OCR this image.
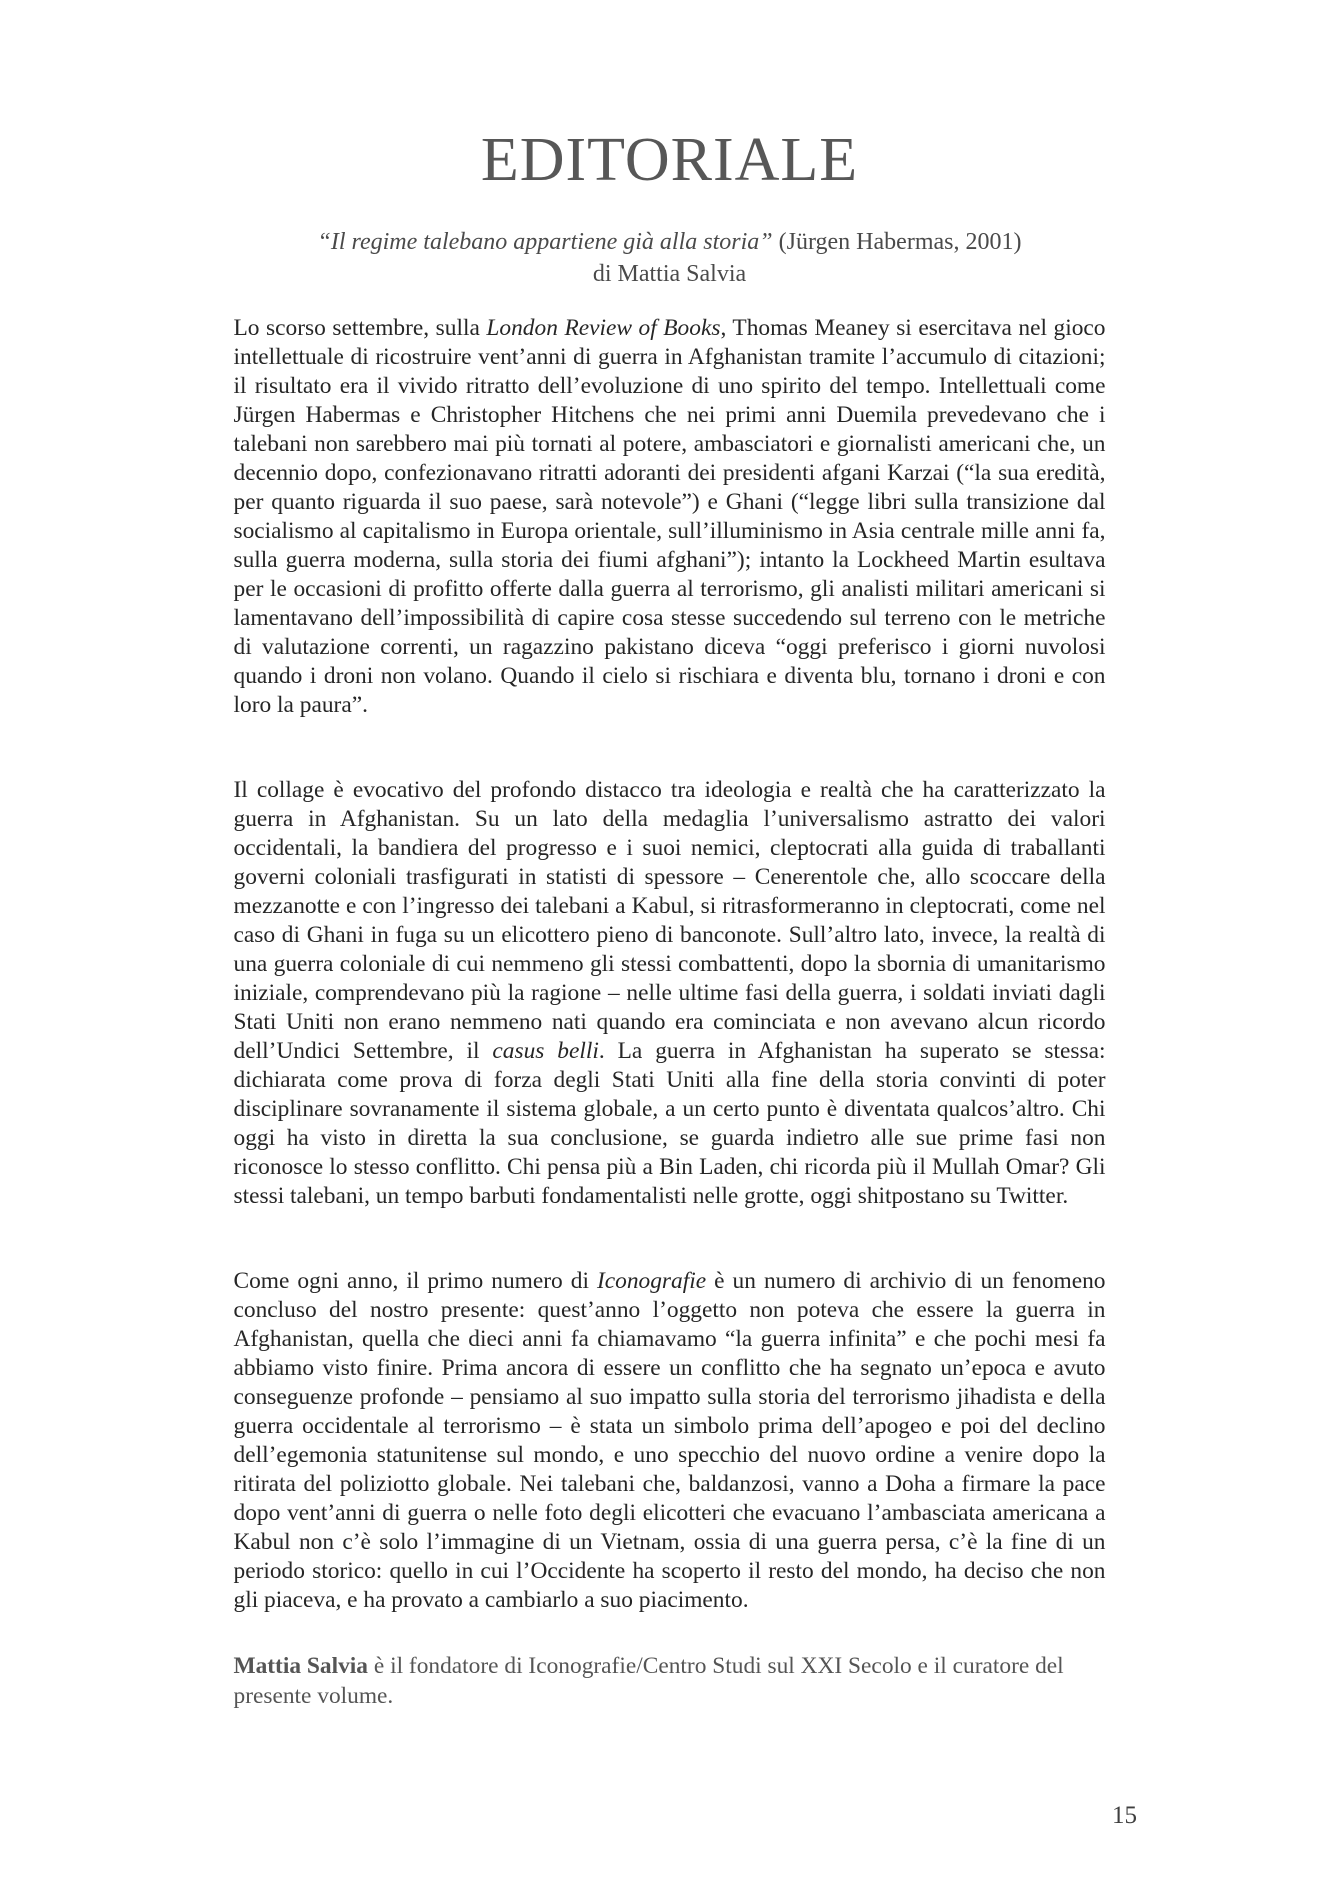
EDITORIALE
“Il regime talebano appartiene già alla storia” (Jürgen Habermas, 2001)
di Mattia Salvia

Lo scorso settembre, sulla London Review of Books, Thomas Meaney si esercitava nel gioco intellettuale di ricostruire vent’anni di guerra in Afghanistan tramite l’accumulo di citazioni; il risultato era il vivido ritratto dell’evoluzione di uno spirito del tempo. Intellettuali come Jürgen Habermas e Christopher Hitchens che nei primi anni Duemila prevedevano che i talebani non sarebbero mai più tornati al potere, ambasciatori e giornalisti americani che, un decennio dopo, confezionavano ritratti adoranti dei presidenti afgani Karzai (“la sua eredità, per quanto riguarda il suo paese, sarà notevole”) e Ghani (“legge libri sulla transizione dal socialismo al capitalismo in Europa orientale, sull’illuminismo in Asia centrale mille anni fa, sulla guerra moderna, sulla storia dei fiumi afghani”); intanto la Lockheed Martin esultava per le occasioni di profitto offerte dalla guerra al terrorismo, gli analisti militari americani si lamentavano dell’impossibilità di capire cosa stesse succedendo sul terreno con le metriche di valutazione correnti, un ragazzino pakistano diceva “oggi preferisco i giorni nuvolosi quando i droni non volano. Quando il cielo si rischiara e diventa blu, tornano i droni e con loro la paura”.

Il collage è evocativo del profondo distacco tra ideologia e realtà che ha caratterizzato la guerra in Afghanistan. Su un lato della medaglia l’universalismo astratto dei valori occidentali, la bandiera del progresso e i suoi nemici, cleptocrati alla guida di traballanti governi coloniali trasfigurati in statisti di spessore – Cenerentole che, allo scoccare della mezzanotte e con l’ingresso dei talebani a Kabul, si ritrasformeranno in cleptocrati, come nel caso di Ghani in fuga su un elicottero pieno di banconote. Sull’altro lato, invece, la realtà di una guerra coloniale di cui nemmeno gli stessi combattenti, dopo la sbornia di umanitarismo iniziale, comprendevano più la ragione – nelle ultime fasi della guerra, i soldati inviati dagli Stati Uniti non erano nemmeno nati quando era cominciata e non avevano alcun ricordo dell’Undici Settembre, il casus belli. La guerra in Afghanistan ha superato se stessa: dichiarata come prova di forza degli Stati Uniti alla fine della storia convinti di poter disciplinare sovranamente il sistema globale, a un certo punto è diventata qualcos’altro. Chi oggi ha visto in diretta la sua conclusione, se guarda indietro alle sue prime fasi non riconosce lo stesso conflitto. Chi pensa più a Bin Laden, chi ricorda più il Mullah Omar? Gli stessi talebani, un tempo barbuti fondamentalisti nelle grotte, oggi shitpostano su Twitter.

Come ogni anno, il primo numero di Iconografie è un numero di archivio di un fenomeno concluso del nostro presente: quest’anno l’oggetto non poteva che essere la guerra in Afghanistan, quella che dieci anni fa chiamavamo “la guerra infinita” e che pochi mesi fa abbiamo visto finire. Prima ancora di essere un conflitto che ha segnato un’epoca e avuto conseguenze profonde – pensiamo al suo impatto sulla storia del terrorismo jihadista e della guerra occidentale al terrorismo – è stata un simbolo prima dell’apogeo e poi del declino dell’egemonia statunitense sul mondo, e uno specchio del nuovo ordine a venire dopo la ritirata del poliziotto globale. Nei talebani che, baldanzosi, vanno a Doha a firmare la pace dopo vent’anni di guerra o nelle foto degli elicotteri che evacuano l’ambasciata americana a Kabul non c’è solo l’immagine di un Vietnam, ossia di una guerra persa, c’è la fine di un periodo storico: quello in cui l’Occidente ha scoperto il resto del mondo, ha deciso che non gli piaceva, e ha provato a cambiarlo a suo piacimento.

Mattia Salvia è il fondatore di Iconografie/Centro Studi sul XXI Secolo e il curatore del presente volume.
15
